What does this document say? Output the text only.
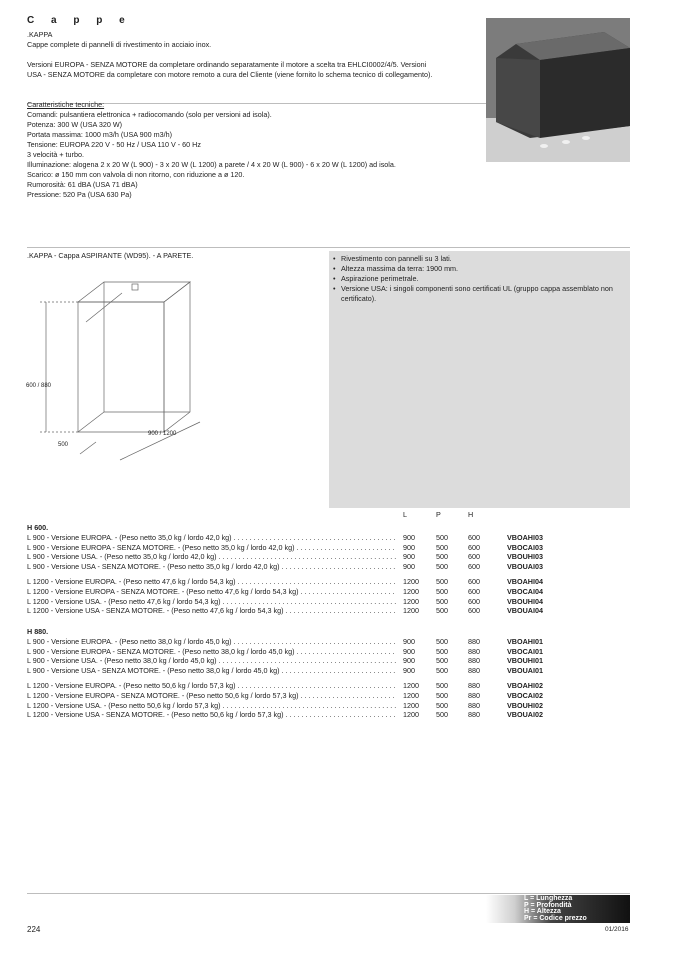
C a p p e
.KAPPA

Cappe complete di pannelli di rivestimento in acciaio inox.

Versioni EUROPA - SENZA MOTORE da completare ordinando separatamente il motore a scelta tra EHLCI0002/4/5. Versioni USA - SENZA MOTORE da completare con motore remoto a cura del Cliente (viene fornito lo schema tecnico di collegamento).

Caratteristiche tecniche:
Comandi: pulsantiera elettronica + radiocomando (solo per versioni ad isola).
Potenza: 300 W (USA 320 W)
Portata massima: 1000 m3/h (USA 900 m3/h)
Tensione: EUROPA 220 V - 50 Hz / USA 110 V - 60 Hz
3 velocità + turbo.
Illuminazione: alogena 2 x 20 W (L 900) - 3 x 20 W (L 1200) a parete / 4 x 20 W (L 900) - 6 x 20 W (L 1200) ad isola.
Scarico: ø 150 mm con valvola di non ritorno, con riduzione a ø 120.
Rumorosità: 61 dBA (USA 71 dBA)
Pressione: 520 Pa (USA 630 Pa)
.KAPPA - Cappa ASPIRANTE (WD95). - A PARETE.
600 / 880
900 / 1200
500
• Rivestimento con pannelli su 3 lati.
• Altezza massima da terra: 1900 mm.
• Aspirazione perimetrale.
• Versione USA: i singoli componenti sono certificati UL (gruppo cappa assemblato non certificato).
L	P	H
H 600.
L 900 - Versione EUROPA. - (Peso netto 35,0 kg / lordo 42,0 kg) . . .	900	500	600	VBOAHI03
L 900 - Versione EUROPA - SENZA MOTORE. - (Peso netto 35,0 kg / lordo 42,0 kg) . . .	900	500	600	VBOCAI03
L 900 - Versione USA. - (Peso netto 35,0 kg / lordo 42,0 kg) . . .	900	500	600	VBOUHI03
L 900 - Versione USA - SENZA MOTORE. - (Peso netto 35,0 kg / lordo 42,0 kg) . . .	900	500	600	VBOUAI03
L 1200 - Versione EUROPA. - (Peso netto 47,6 kg / lordo 54,3 kg) . . .	1200 500	600	VBOAHI04
L 1200 - Versione EUROPA - SENZA MOTORE. - (Peso netto 47,6 kg / lordo 54,3 kg) . . .	1200 500	600	VBOCAI04
L 1200 - Versione USA. - (Peso netto 47,6 kg / lordo 54,3 kg) . . .	1200 500	600	VBOUHI04
L 1200 - Versione USA - SENZA MOTORE. - (Peso netto 47,6 kg / lordo 54,3 kg) . . .	1200 500	600	VBOUAI04
H 880.
L 900 - Versione EUROPA. - (Peso netto 38,0 kg / lordo 45,0 kg) . . .	900	500	880	VBOAHI01
L 900 - Versione EUROPA - SENZA MOTORE. - (Peso netto 38,0 kg / lordo 45,0 kg) . . .	900	500	880	VBOCAI01
L 900 - Versione USA. - (Peso netto 38,0 kg / lordo 45,0 kg) . . .	900	500	880	VBOUHI01
L 900 - Versione USA - SENZA MOTORE. - (Peso netto 38,0 kg / lordo 45,0 kg) . . .	900	500	880	VBOUAI01
L 1200 - Versione EUROPA. - (Peso netto 50,6 kg / lordo 57,3 kg) . . .	1200 500	880	VBOAHI02
L 1200 - Versione EUROPA - SENZA MOTORE. - (Peso netto 50,6 kg / lordo 57,3 kg) . . .	1200 500	880	VBOCAI02
L 1200 - Versione USA. - (Peso netto 50,6 kg / lordo 57,3 kg) . . .	1200 500	880	VBOUHI02
L 1200 - Versione USA - SENZA MOTORE. - (Peso netto 50,6 kg / lordo 57,3 kg) . . .	1200 500	880	VBOUAI02
L = Lunghezza
P = Profondità
H = Altezza
Pr = Codice prezzo
224	01/2016
